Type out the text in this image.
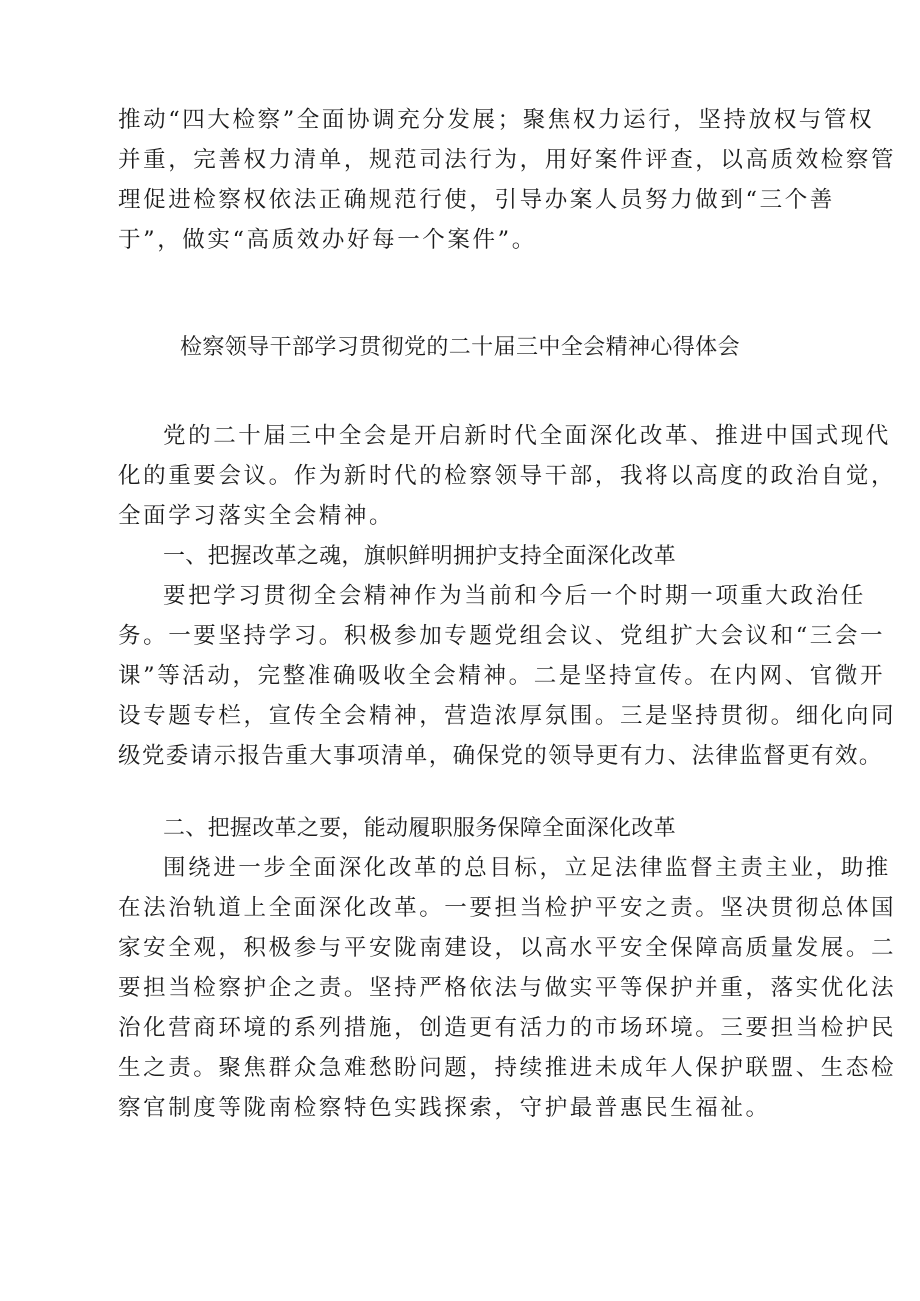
推动“四大检察”全面协调充分发展；聚焦权力运行，坚持放权与管权
并重，完善权力清单，规范司法行为，用好案件评查，以高质效检察管
理促进检察权依法正确规范行使，引导办案人员努力做到“三个善
于”，做实“高质效办好每一个案件”。
检察领导干部学习贯彻党的二十届三中全会精神心得体会
党的二十届三中全会是开启新时代全面深化改革、推进中国式现代
化的重要会议。作为新时代的检察领导干部，我将以高度的政治自觉，
全面学习落实全会精神。
一、把握改革之魂，旗帜鲜明拥护支持全面深化改革
要把学习贯彻全会精神作为当前和今后一个时期一项重大政治任
务。一要坚持学习。积极参加专题党组会议、党组扩大会议和“三会一
课”等活动，完整准确吸收全会精神。二是坚持宣传。在内网、官微开
设专题专栏，宣传全会精神，营造浓厚氛围。三是坚持贯彻。细化向同
级党委请示报告重大事项清单，确保党的领导更有力、法律监督更有效。
二、把握改革之要，能动履职服务保障全面深化改革
围绕进一步全面深化改革的总目标，立足法律监督主责主业，助推
在法治轨道上全面深化改革。一要担当检护平安之责。坚决贯彻总体国
家安全观，积极参与平安陇南建设，以高水平安全保障高质量发展。二
要担当检察护企之责。坚持严格依法与做实平等保护并重，落实优化法
治化营商环境的系列措施，创造更有活力的市场环境。三要担当检护民
生之责。聚焦群众急难愁盼问题，持续推进未成年人保护联盟、生态检
察官制度等陇南检察特色实践探索，守护最普惠民生福祉。
